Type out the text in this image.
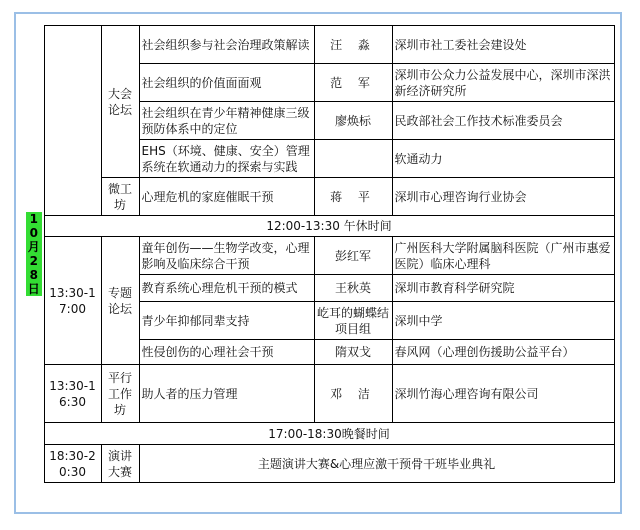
10月28日		大会论坛	社会组织参与社会治理政策解读	汪 淼	深圳市社工委社会建设处
			社会组织的价值面面观	范 军	深圳市公众力公益发展中心，深圳市深洪新经济研究所
			社会组织在青少年精神健康三级预防体系中的定位	廖焕标	民政部社会工作技术标准委员会
			EHS（环境、健康、安全）管理系统在软通动力的探索与实践		软通动力
		微工坊	心理危机的家庭催眠干预	蒋 平	深圳市心理咨询行业协会
	12:00-13:30 午休时间				
	13:30-17:00	专题论坛	童年创伤——生物学改变，心理影响及临床综合干预	彭红军	广州医科大学附属脑科医院（广州市惠爱医院）临床心理科
			教育系统心理危机干预的模式	王秋英	深圳市教育科学研究院
			青少年抑郁同辈支持	屹耳的蝴蝶结项目组	深圳中学
			性侵创伤的心理社会干预	隋双戈	春风网（心理创伤援助公益平台）
	13:30-16:30	平行工作坊	助人者的压力管理	邓 洁	深圳竹海心理咨询有限公司
	17:00-18:30晚餐时间				
	18:30-20:30	演讲大赛	主题演讲大赛&心理应激干预骨干班毕业典礼		
